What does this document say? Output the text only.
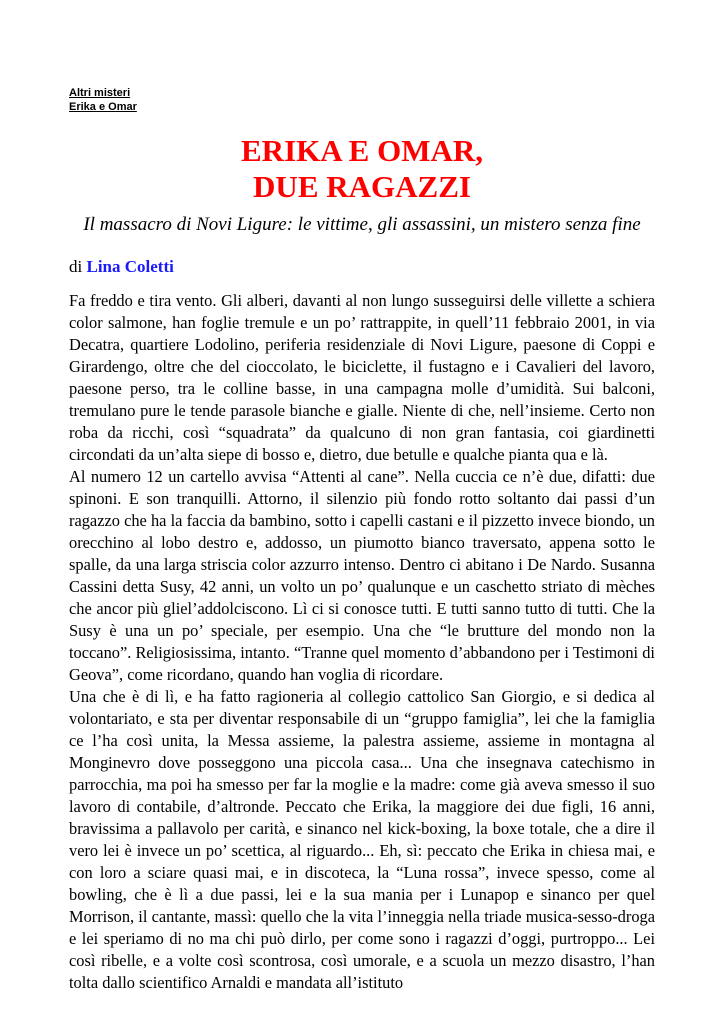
Altri misteri
Erika e Omar
ERIKA E OMAR,
DUE RAGAZZI

Il massacro di Novi Ligure: le vittime, gli assassini, un mistero senza fine

di Lina Coletti

Fa freddo e tira vento. Gli alberi, davanti al non lungo susseguirsi delle villette a schiera color salmone, han foglie tremule e un po’ rattrappite, in quell’11 febbraio 2001, in via Decatra, quartiere Lodolino, periferia residenziale di Novi Ligure, paesone di Coppi e Girardengo, oltre che del cioccolato, le biciclette, il fustagno e i Cavalieri del lavoro, paesone perso, tra le colline basse, in una campagna molle d’umidità. Sui balconi, tremulano pure le tende parasole bianche e gialle. Niente di che, nell’insieme. Certo non roba da ricchi, così “squadrata” da qualcuno di non gran fantasia, coi giardinetti circondati da un’alta siepe di bosso e, dietro, due betulle e qualche pianta qua e là.

Al numero 12 un cartello avvisa “Attenti al cane”. Nella cuccia ce n’è due, difatti: due spinoni. E son tranquilli. Attorno, il silenzio più fondo rotto soltanto dai passi d’un ragazzo che ha la faccia da bambino, sotto i capelli castani e il pizzetto invece biondo, un orecchino al lobo destro e, addosso, un piumotto bianco traversato, appena sotto le spalle, da una larga striscia color azzurro intenso. Dentro ci abitano i De Nardo. Susanna Cassini detta Susy, 42 anni, un volto un po’ qualunque e un caschetto striato di mèches che ancor più gliel’addolciscono. Lì ci si conosce tutti. E tutti sanno tutto di tutti. Che la Susy è una un po’ speciale, per esempio. Una che “le brutture del mondo non la toccano”. Religiosissima, intanto. “Tranne quel momento d’abbandono per i Testimoni di Geova”, come ricordano, quando han voglia di ricordare.

Una che è di lì, e ha fatto ragioneria al collegio cattolico San Giorgio, e si dedica al volontariato, e sta per diventar responsabile di un “gruppo famiglia”, lei che la famiglia ce l’ha così unita, la Messa assieme, la palestra assieme, assieme in montagna al Monginevro dove posseggono una piccola casa... Una che insegnava catechismo in parrocchia, ma poi ha smesso per far la moglie e la madre: come già aveva smesso il suo lavoro di contabile, d’altronde. Peccato che Erika, la maggiore dei due figli, 16 anni, bravissima a pallavolo per carità, e sinanco nel kick-boxing, la boxe totale, che a dire il vero lei è invece un po’ scettica, al riguardo... Eh, sì: peccato che Erika in chiesa mai, e con loro a sciare quasi mai, e in discoteca, la “Luna rossa”, invece spesso, come al bowling, che è lì a due passi, lei e la sua mania per i Lunapop e sinanco per quel Morrison, il cantante, massì: quello che la vita l’inneggia nella triade musica-sesso-droga e lei speriamo di no ma chi può dirlo, per come sono i ragazzi d’oggi, purtroppo... Lei così ribelle, e a volte così scontrosa, così umorale, e a scuola un mezzo disastro, l’han tolta dallo scientifico Arnaldi e mandata all’istituto
